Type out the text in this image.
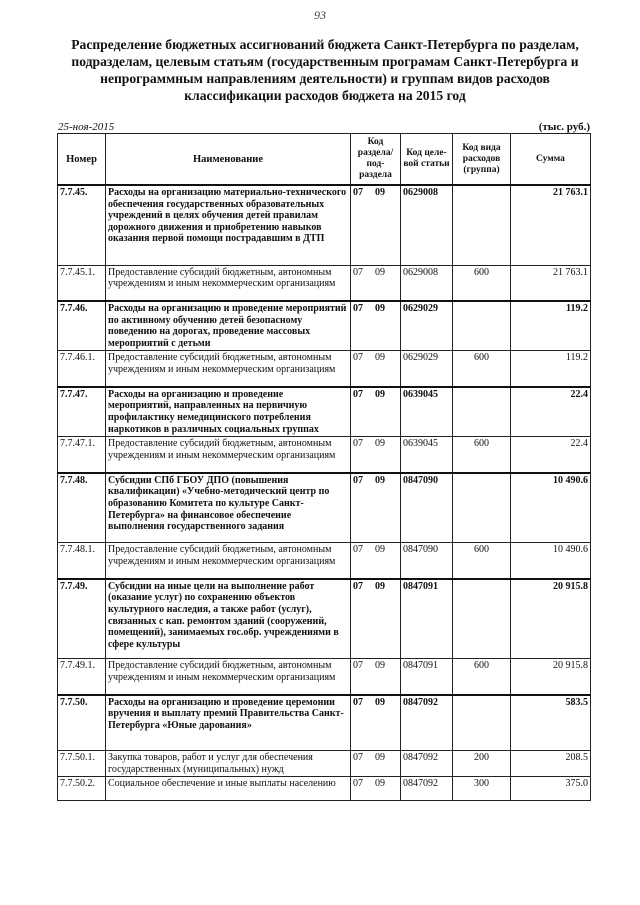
93
Распределение бюджетных ассигнований бюджета Санкт-Петербурга по разделам, подразделам, целевым статьям (государственным програмам Санкт-Петербурга и непрограммным направлениям деятельности) и группам видов расходов классификации расходов бюджета на 2015 год
25-ноя-2015	(тыс. руб.)
Номер	Наименование	Код раздела/ под- раздела	Код целе- вой статьи	Код вида расходов (группа)	Сумма
7.7.45.	Расходы на организацию материально-технического обеспечения государственных образовательных учреждений в целях обучения детей правилам дорожного движения и приобретению навыков оказания первой помощи пострадавшим в ДТП	07 09	0629008		21 763.1
7.7.45.1.	Предоставление субсидий бюджетным, автономным учреждениям и иным некоммерческим организациям	07 09	0629008	600	21 763.1
7.7.46.	Расходы на организацию и проведение мероприятий по активному обучению детей безопасному поведению на дорогах, проведение массовых мероприятий с детьми	07 09	0629029		119.2
7.7.46.1.	Предоставление субсидий бюджетным, автономным учреждениям и иным некоммерческим организациям	07 09	0629029	600	119.2
7.7.47.	Расходы на организацию и проведение мероприятий, направленных на первичную профилактику немедицинского потребления наркотиков в различных социальных группах	07 09	0639045		22.4
7.7.47.1.	Предоставление субсидий бюджетным, автономным учреждениям и иным некоммерческим организациям	07 09	0639045	600	22.4
7.7.48.	Субсидии СПб ГБОУ ДПО (повышения квалификации) «Учебно-методический центр по образованию Комитета по культуре Санкт-Петербурга» на финансовое обеспечение выполнения государственного задания	07 09	0847090		10 490.6
7.7.48.1.	Предоставление субсидий бюджетным, автономным учреждениям и иным некоммерческим организациям	07 09	0847090	600	10 490.6
7.7.49.	Субсидии на иные цели на выполнение работ (оказание услуг) по сохранению объектов культурного наследия, а также работ (услуг), связанных с кап. ремонтом зданий (сооружений, помещений), занимаемых гос.обр. учреждениями в сфере культуры	07 09	0847091		20 915.8
7.7.49.1.	Предоставление субсидий бюджетным, автономным учреждениям и иным некоммерческим организациям	07 09	0847091	600	20 915.8
7.7.50.	Расходы на организацию и проведение церемонии вручения и выплату премий Правительства Санкт-Петербурга «Юные дарования»	07 09	0847092		583.5
7.7.50.1.	Закупка товаров, работ и услуг для обеспечения государственных (муниципальных) нужд	07 09	0847092	200	208.5
7.7.50.2.	Социальное обеспечение и иные выплаты населению	07 09	0847092	300	375.0
